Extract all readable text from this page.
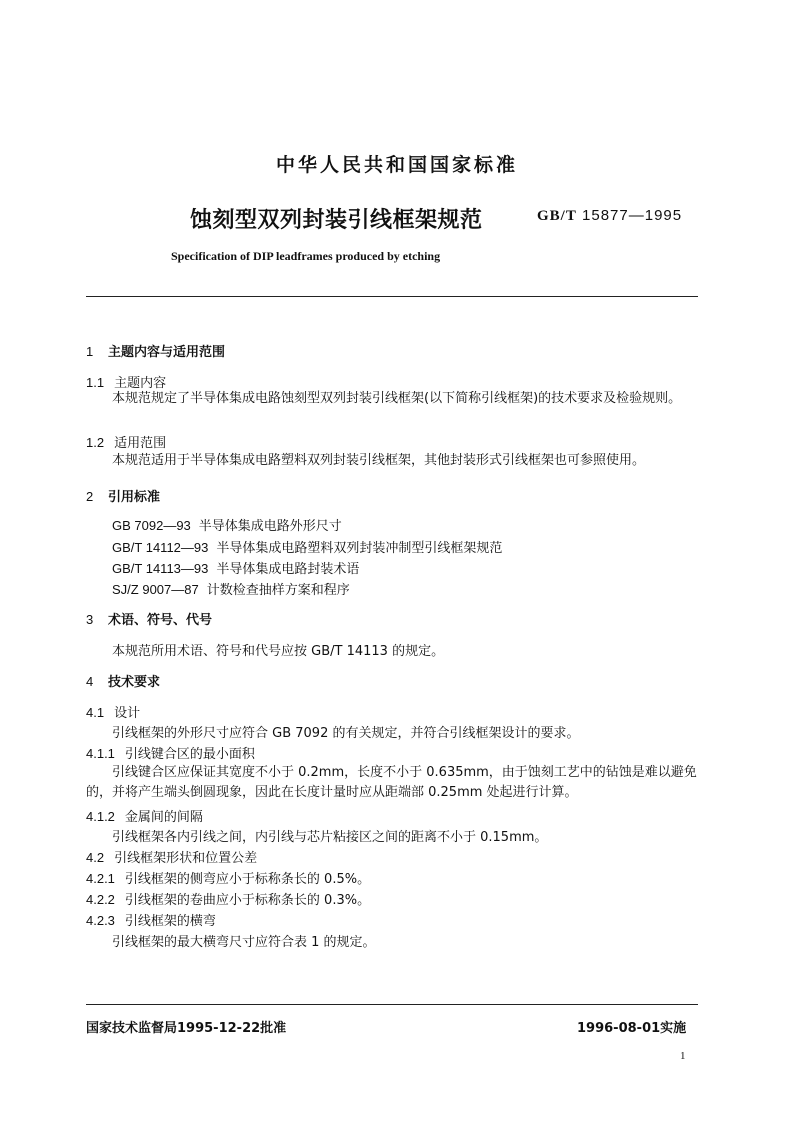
中华人民共和国国家标准
蚀刻型双列封装引线框架规范	GB/T 15877—1995
Specification of DIP leadframes produced by etching
1 主题内容与适用范围
1.1 主题内容
本规范规定了半导体集成电路蚀刻型双列封装引线框架(以下简称引线框架)的技术要求及检验规则。
1.2 适用范围
本规范适用于半导体集成电路塑料双列封装引线框架，其他封装形式引线框架也可参照使用。
2 引用标准
GB 7092—93 半导体集成电路外形尺寸
GB/T 14112—93 半导体集成电路塑料双列封装冲制型引线框架规范
GB/T 14113—93 半导体集成电路封装术语
SJ/Z 9007—87 计数检查抽样方案和程序
3 术语、符号、代号
本规范所用术语、符号和代号应按 GB/T 14113 的规定。
4 技术要求
4.1 设计
引线框架的外形尺寸应符合 GB 7092 的有关规定，并符合引线框架设计的要求。
4.1.1 引线键合区的最小面积
引线键合区应保证其宽度不小于 0.2mm，长度不小于 0.635mm，由于蚀刻工艺中的钻蚀是难以避免的，并将产生端头倒圆现象，因此在长度计量时应从距端部 0.25mm 处起进行计算。
4.1.2 金属间的间隔
引线框架各内引线之间，内引线与芯片粘接区之间的距离不小于 0.15mm。
4.2 引线框架形状和位置公差
4.2.1 引线框架的侧弯应小于标称条长的 0.5%。
4.2.2 引线框架的卷曲应小于标称条长的 0.3%。
4.2.3 引线框架的横弯
引线框架的最大横弯尺寸应符合表 1 的规定。
国家技术监督局1995-12-22批准	1996-08-01实施
1
